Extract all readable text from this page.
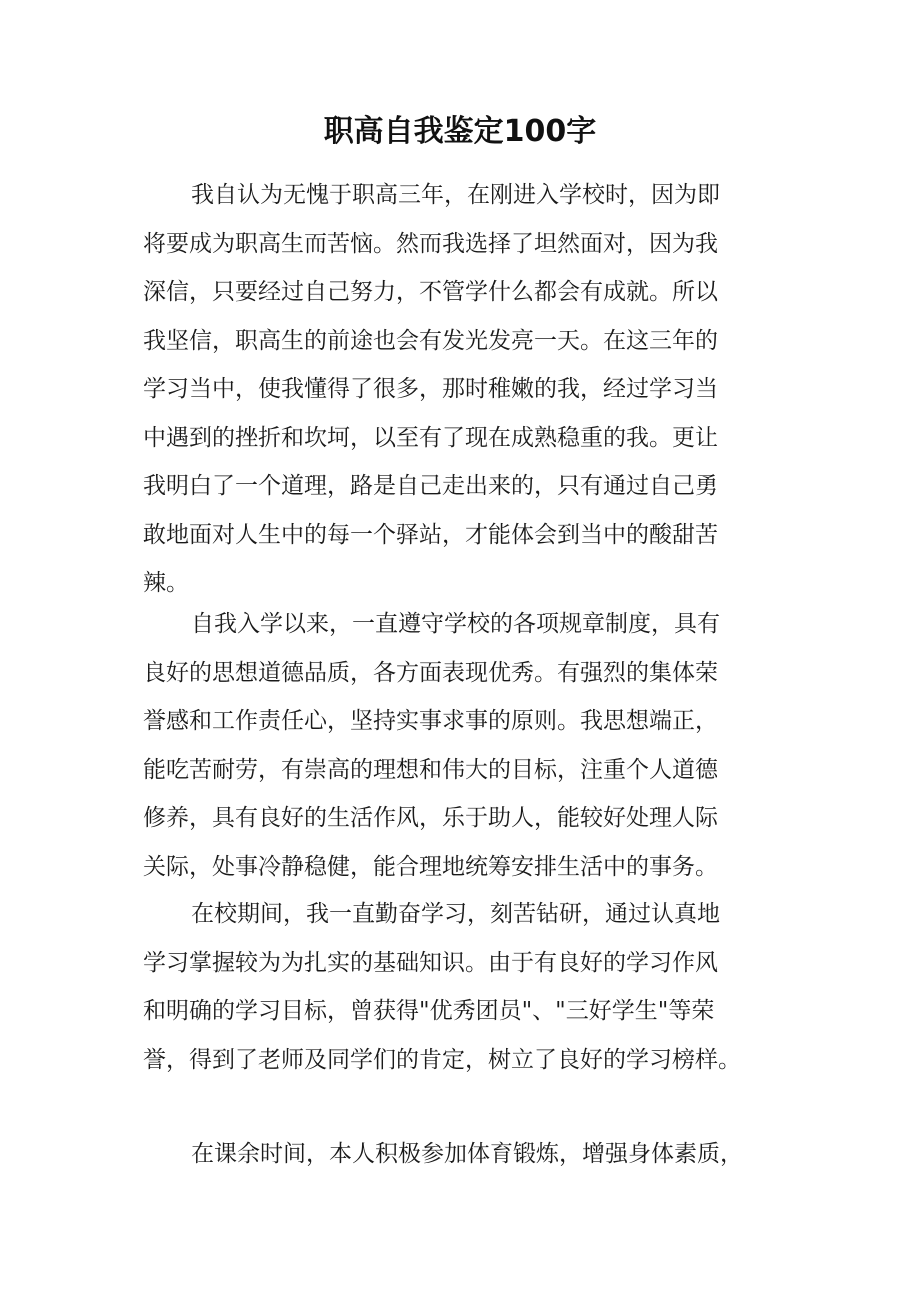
职高自我鉴定100字
我自认为无愧于职高三年，在刚进入学校时，因为即
将要成为职高生而苦恼。然而我选择了坦然面对，因为我
深信，只要经过自己努力，不管学什么都会有成就。所以
我坚信，职高生的前途也会有发光发亮一天。在这三年的
学习当中，使我懂得了很多，那时稚嫩的我，经过学习当
中遇到的挫折和坎坷，以至有了现在成熟稳重的我。更让
我明白了一个道理，路是自己走出来的，只有通过自己勇
敢地面对人生中的每一个驿站，才能体会到当中的酸甜苦
辣。
自我入学以来，一直遵守学校的各项规章制度，具有
良好的思想道德品质，各方面表现优秀。有强烈的集体荣
誉感和工作责任心，坚持实事求事的原则。我思想端正，
能吃苦耐劳，有崇高的理想和伟大的目标，注重个人道德
修养，具有良好的生活作风，乐于助人，能较好处理人际
关际，处事冷静稳健，能合理地统筹安排生活中的事务。
在校期间，我一直勤奋学习，刻苦钻研，通过认真地
学习掌握较为为扎实的基础知识。由于有良好的学习作风
和明确的学习目标，曾获得"优秀团员"、"三好学生"等荣
誉，得到了老师及同学们的肯定，树立了良好的学习榜样。
在课余时间，本人积极参加体育锻炼，增强身体素质，
